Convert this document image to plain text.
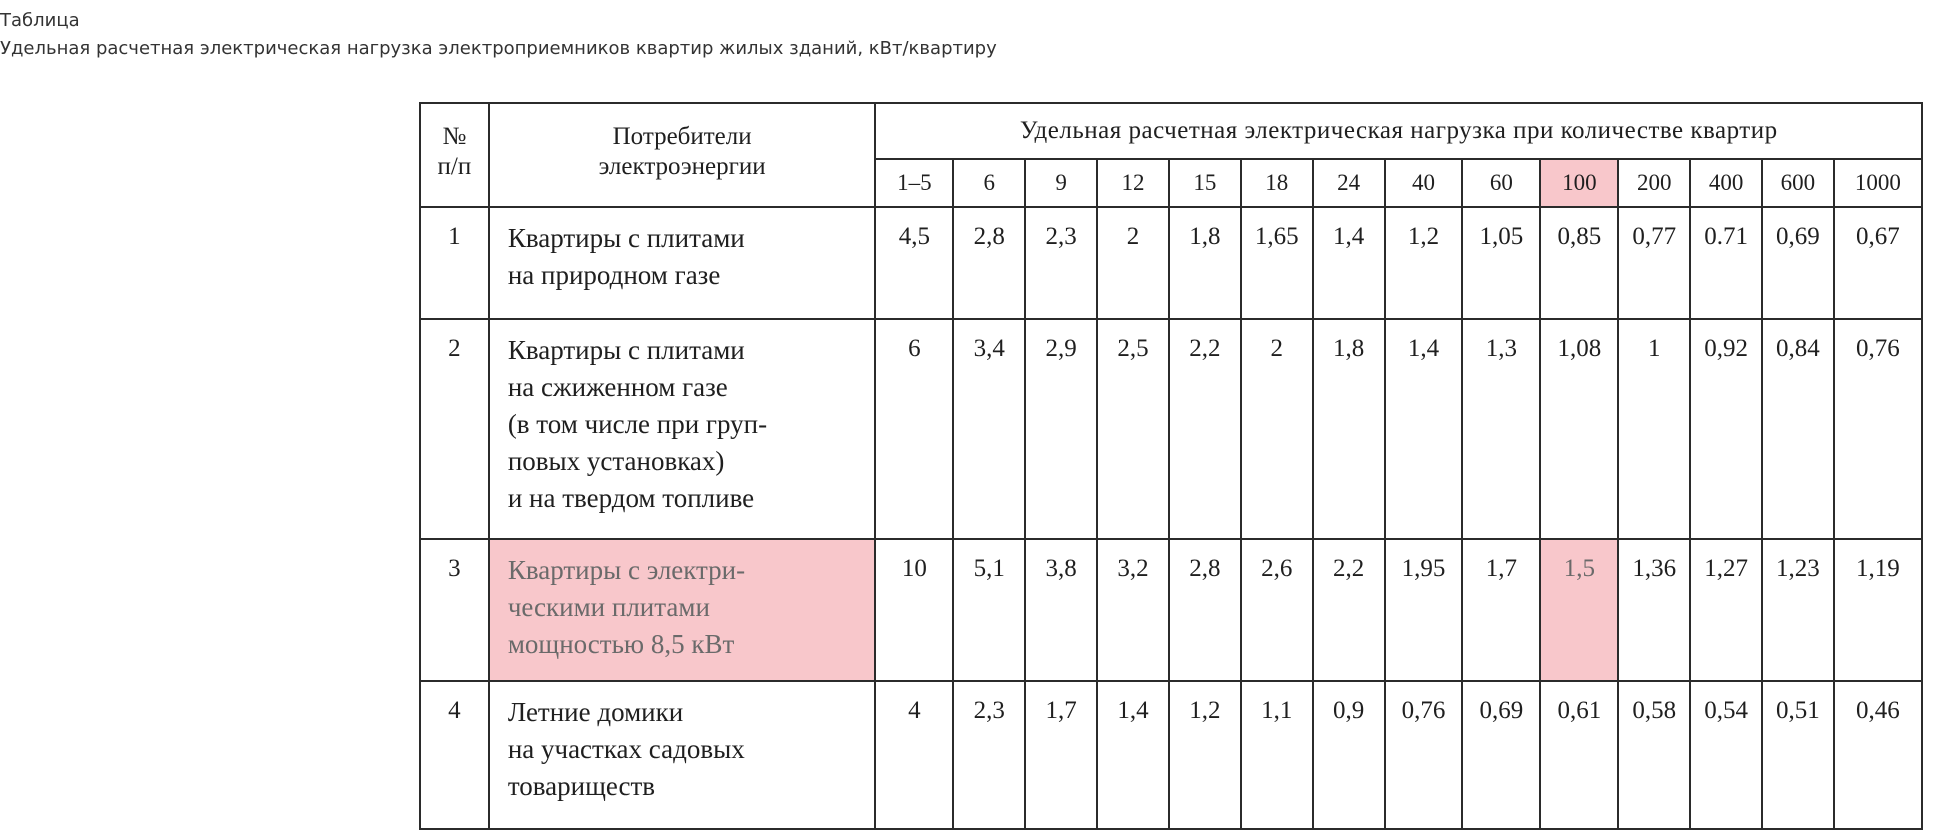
Таблица
Удельная расчетная электрическая нагрузка электроприемников квартир жилых зданий, кВт/квартиру
№
п/п	Потребители
электроэнергии	Удельная расчетная электрическая нагрузка при количестве квартир													
		1–5	6	9	12	15	18	24	40	60	100	200	400	600	1000
1	Квартиры с плитами
на природном газе	4,5	2,8	2,3	2	1,8	1,65	1,4	1,2	1,05	0,85	0,77	0.71	0,69	0,67
2	Квартиры с плитами
на сжиженном газе
(в том числе при груп-
повых установках)
и на твердом топливе	6	3,4	2,9	2,5	2,2	2	1,8	1,4	1,3	1,08	1	0,92	0,84	0,76
3	Квартиры с электри-
ческими плитами
мощностью 8,5 кВт	10	5,1	3,8	3,2	2,8	2,6	2,2	1,95	1,7	1,5	1,36	1,27	1,23	1,19
4	Летние домики
на участках садовых
товариществ	4	2,3	1,7	1,4	1,2	1,1	0,9	0,76	0,69	0,61	0,58	0,54	0,51	0,46
